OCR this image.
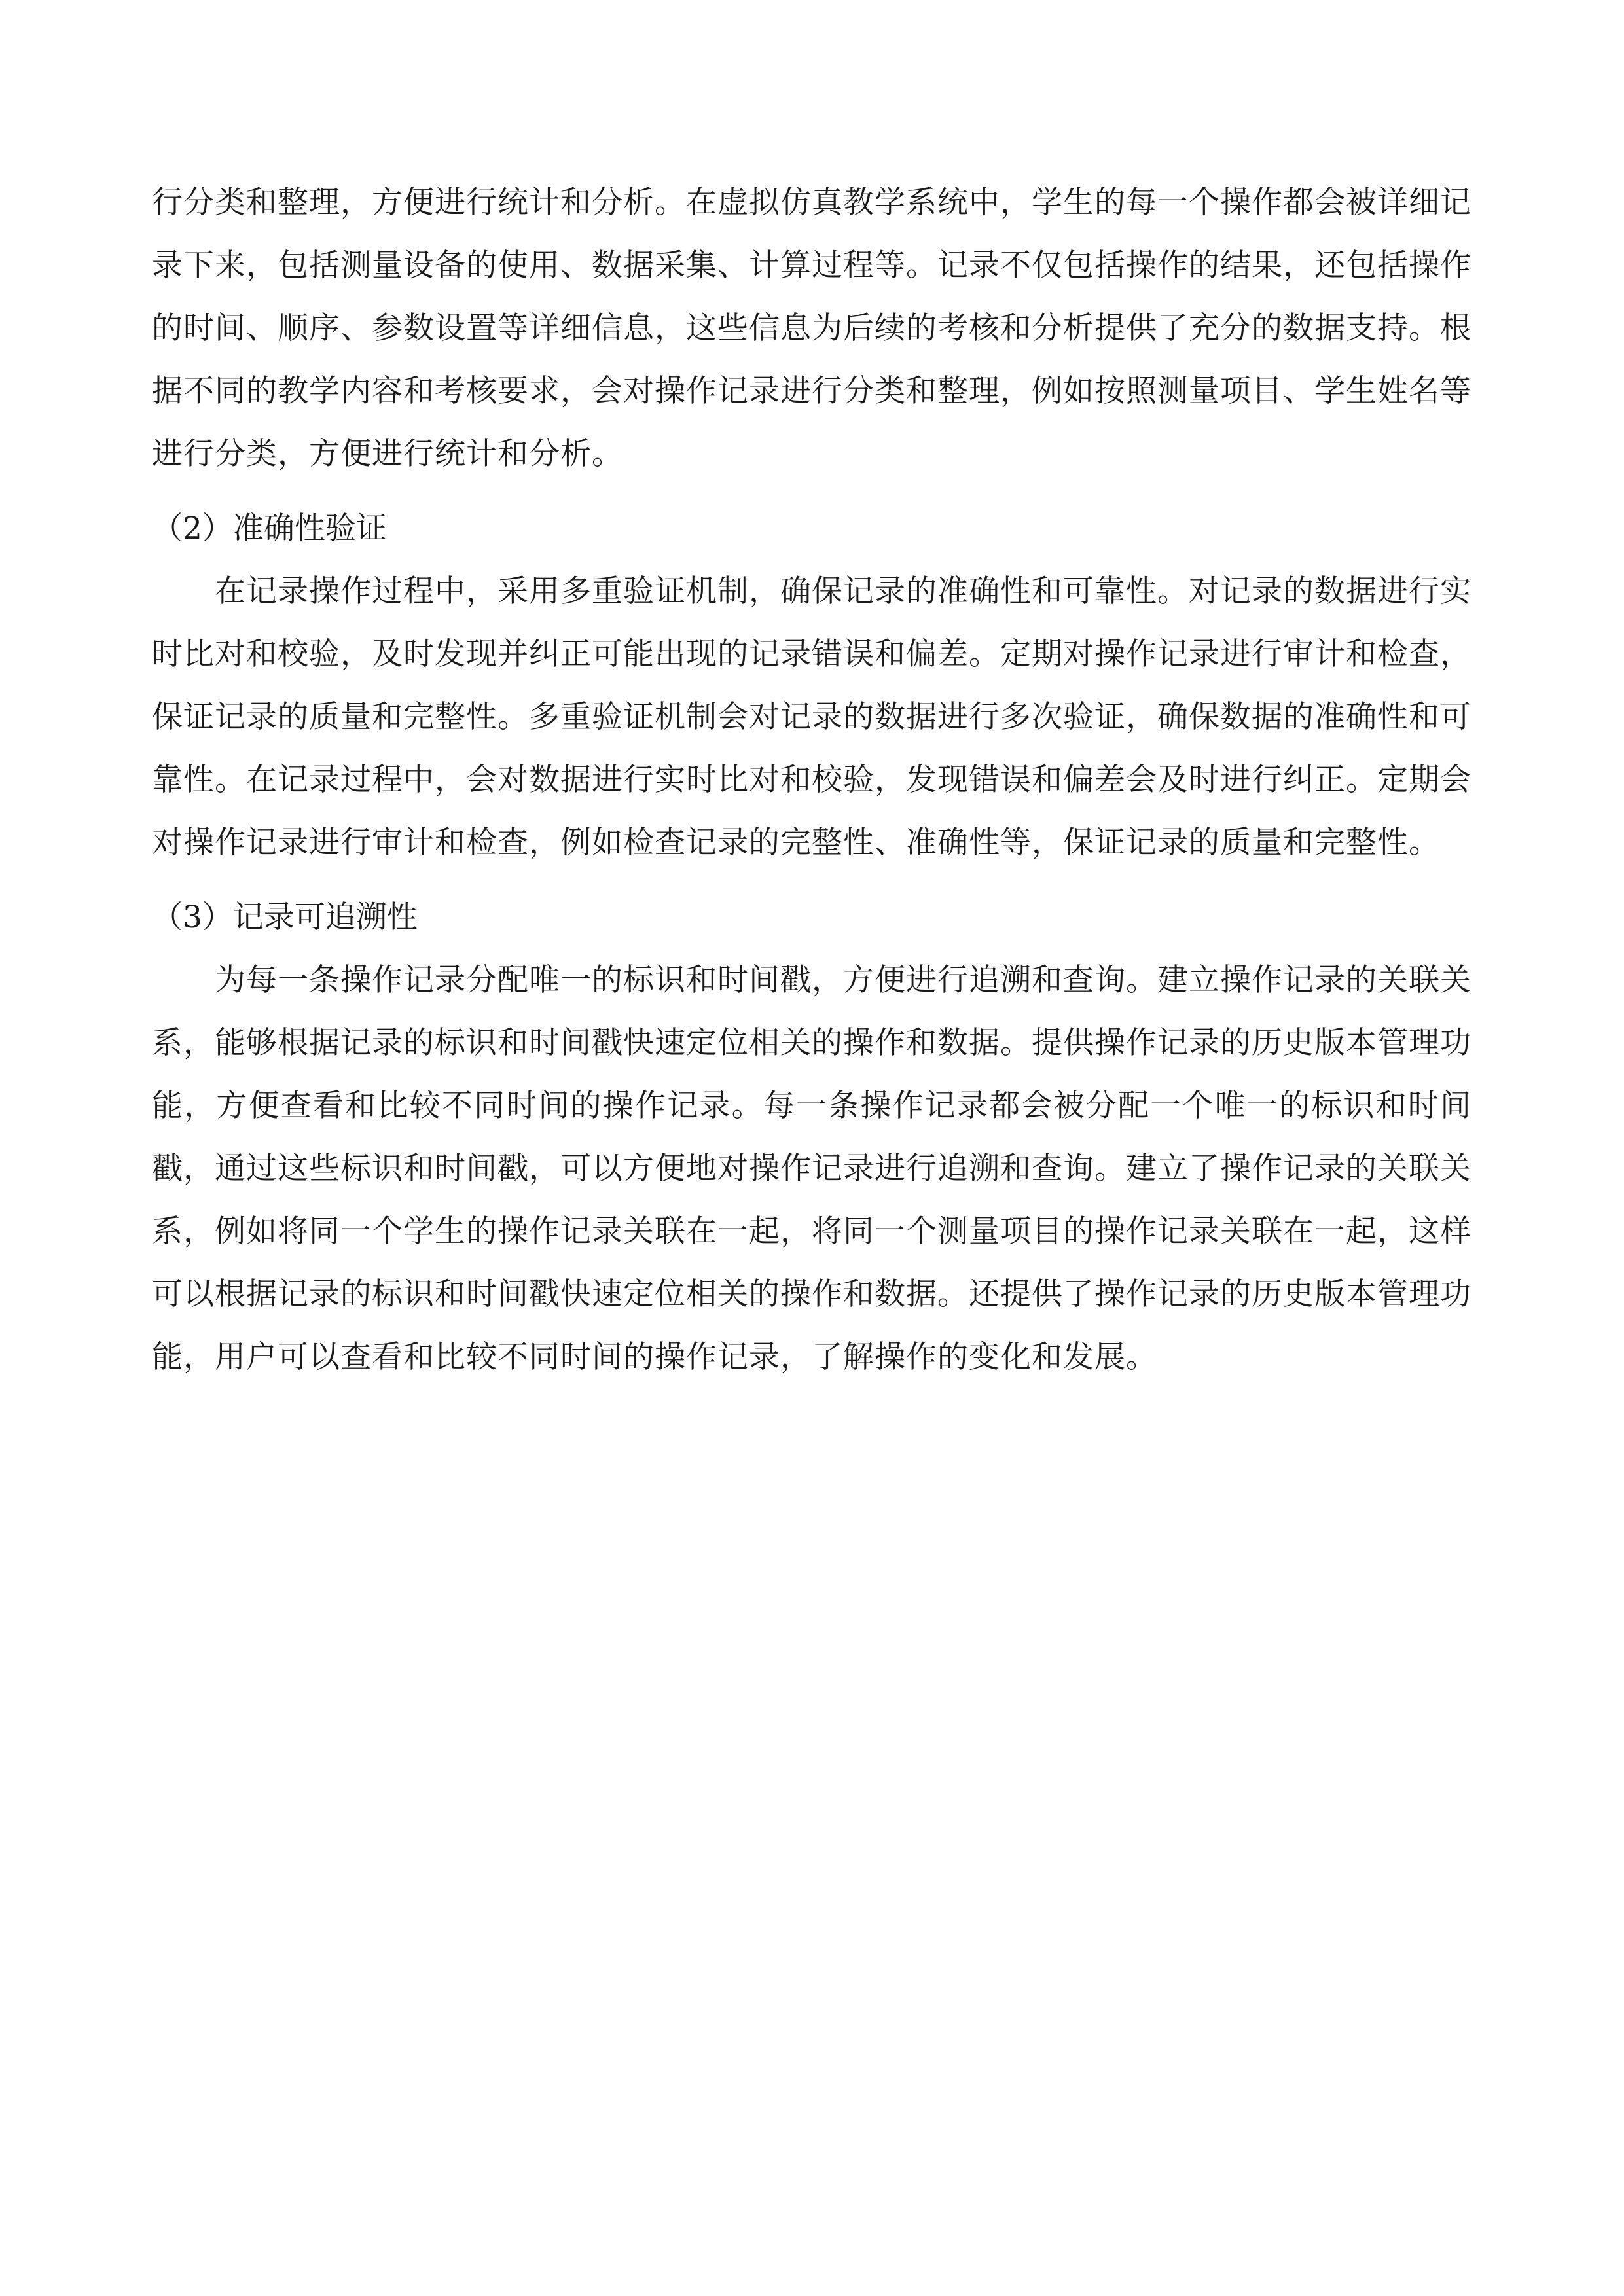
行分类和整理，方便进行统计和分析。在虚拟仿真教学系统中，学生的每一个操作都会被详细记录下来，包括测量设备的使用、数据采集、计算过程等。记录不仅包括操作的结果，还包括操作的时间、顺序、参数设置等详细信息，这些信息为后续的考核和分析提供了充分的数据支持。根据不同的教学内容和考核要求，会对操作记录进行分类和整理，例如按照测量项目、学生姓名等进行分类，方便进行统计和分析。

（2）准确性验证

在记录操作过程中，采用多重验证机制，确保记录的准确性和可靠性。对记录的数据进行实时比对和校验，及时发现并纠正可能出现的记录错误和偏差。定期对操作记录进行审计和检查，保证记录的质量和完整性。多重验证机制会对记录的数据进行多次验证，确保数据的准确性和可靠性。在记录过程中，会对数据进行实时比对和校验，发现错误和偏差会及时进行纠正。定期会对操作记录进行审计和检查，例如检查记录的完整性、准确性等，保证记录的质量和完整性。

（3）记录可追溯性

为每一条操作记录分配唯一的标识和时间戳，方便进行追溯和查询。建立操作记录的关联关系，能够根据记录的标识和时间戳快速定位相关的操作和数据。提供操作记录的历史版本管理功能，方便查看和比较不同时间的操作记录。每一条操作记录都会被分配一个唯一的标识和时间戳，通过这些标识和时间戳，可以方便地对操作记录进行追溯和查询。建立了操作记录的关联关系，例如将同一个学生的操作记录关联在一起，将同一个测量项目的操作记录关联在一起，这样可以根据记录的标识和时间戳快速定位相关的操作和数据。还提供了操作记录的历史版本管理功能，用户可以查看和比较不同时间的操作记录，了解操作的变化和发展。
